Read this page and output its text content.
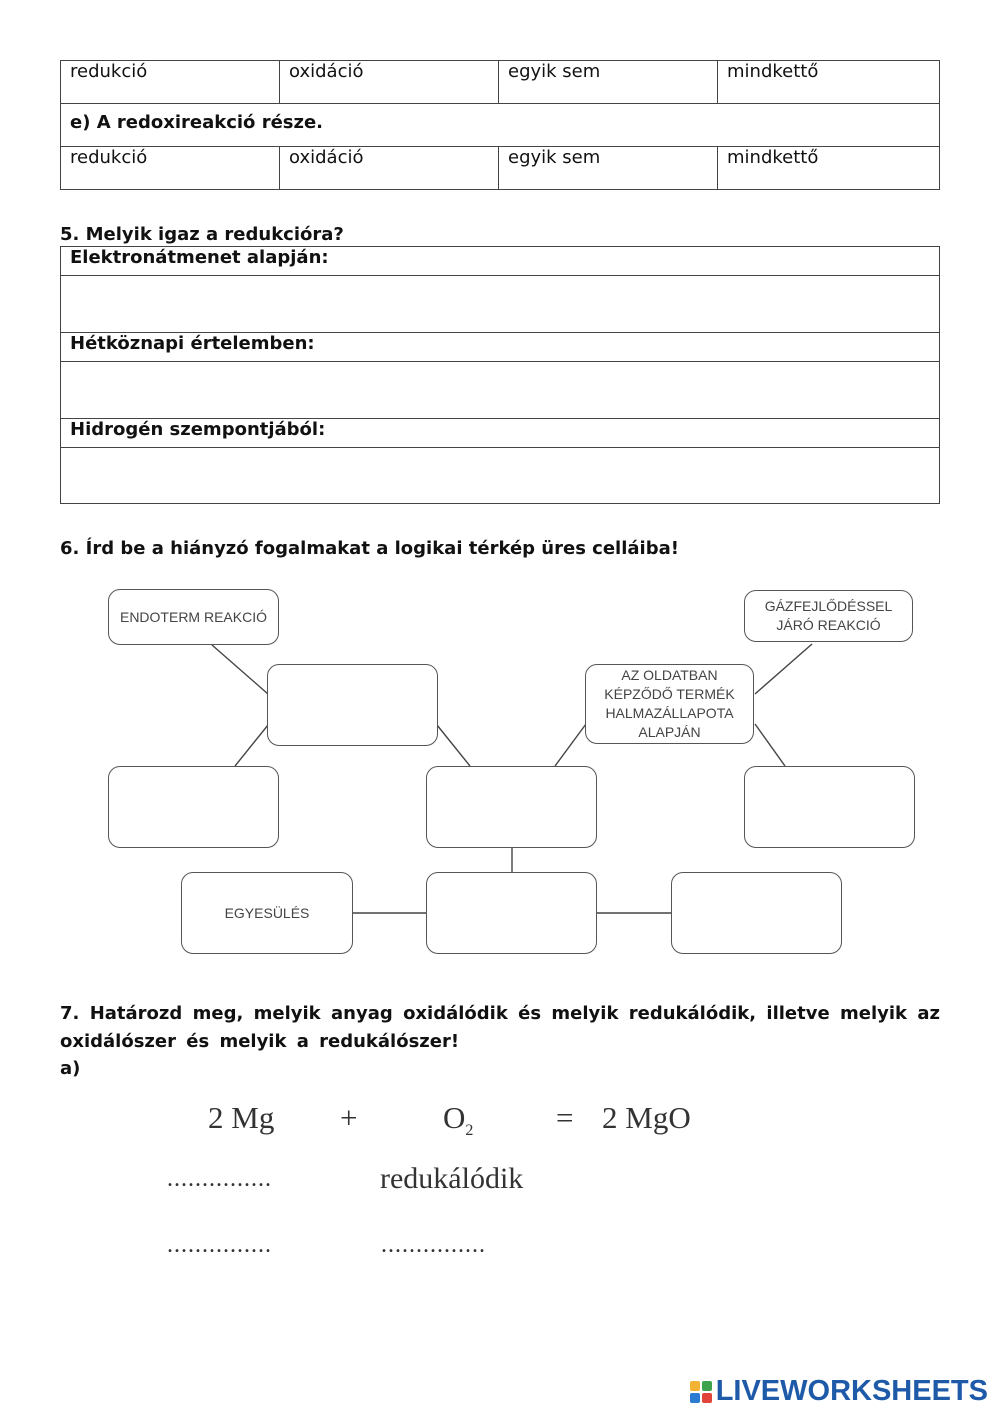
redukció	oxidáció	egyik sem	mindkettő
e) A redoxireakció része.			
redukció	oxidáció	egyik sem	mindkettő
5. Melyik igaz a redukcióra?
Elektronátmenet alapján:

Hétköznapi értelemben:

Hidrogén szempontjából:

6. Írd be a hiányzó fogalmakat a logikai térkép üres celláiba!
ENDOTERM REAKCIÓ
GÁZFEJLŐDÉSSEL JÁRÓ REAKCIÓ
AZ OLDATBAN KÉPZŐDŐ TERMÉK HALMAZÁLLAPOTA ALAPJÁN
EGYESÜLÉS
7. Határozd meg, melyik anyag oxidálódik és melyik redukálódik, illetve melyik az oxidálószer és melyik a redukálószer!
a)
2 Mg +	$O_2$	= 2 MgO
...............	redukálódik
...............	...............
LIVEWORKSHEETS
